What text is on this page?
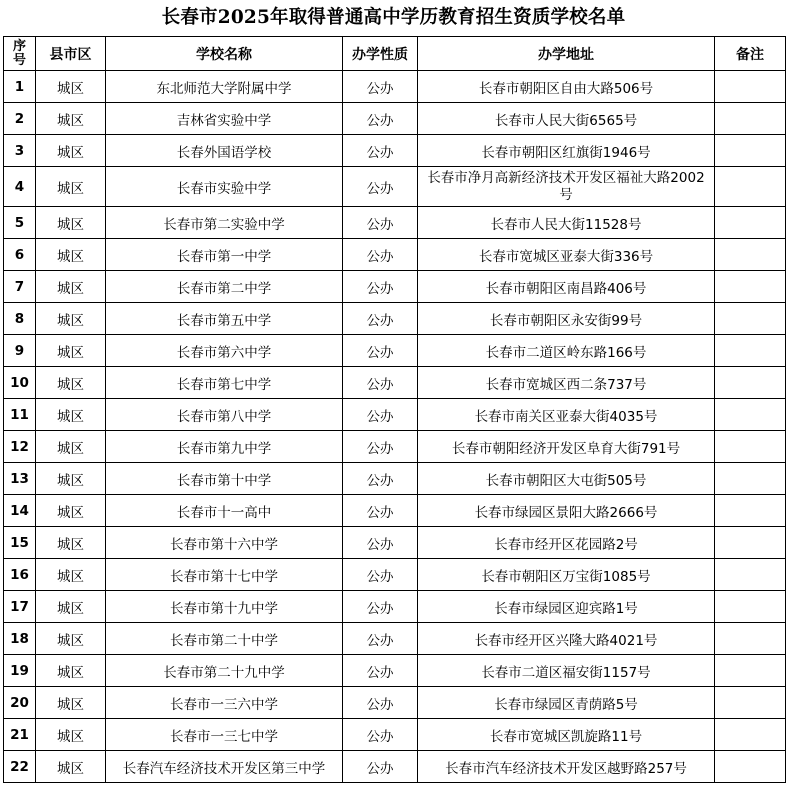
长春市2025年取得普通高中学历教育招生资质学校名单
序
号	县市区	学校名称	办学性质	办学地址	备注
1	城区	东北师范大学附属中学	公办	长春市朝阳区自由大路506号	
2	城区	吉林省实验中学	公办	长春市人民大街6565号	
3	城区	长春外国语学校	公办	长春市朝阳区红旗街1946号	
4	城区	长春市实验中学	公办	长春市净月高新经济技术开发区福祉大路2002号	
5	城区	长春市第二实验中学	公办	长春市人民大街11528号	
6	城区	长春市第一中学	公办	长春市宽城区亚泰大街336号	
7	城区	长春市第二中学	公办	长春市朝阳区南昌路406号	
8	城区	长春市第五中学	公办	长春市朝阳区永安街99号	
9	城区	长春市第六中学	公办	长春市二道区岭东路166号	
10	城区	长春市第七中学	公办	长春市宽城区西二条737号	
11	城区	长春市第八中学	公办	长春市南关区亚泰大街4035号	
12	城区	长春市第九中学	公办	长春市朝阳经济开发区阜育大街791号	
13	城区	长春市第十中学	公办	长春市朝阳区大屯街505号	
14	城区	长春市十一高中	公办	长春市绿园区景阳大路2666号	
15	城区	长春市第十六中学	公办	长春市经开区花园路2号	
16	城区	长春市第十七中学	公办	长春市朝阳区万宝街1085号	
17	城区	长春市第十九中学	公办	长春市绿园区迎宾路1号	
18	城区	长春市第二十中学	公办	长春市经开区兴隆大路4021号	
19	城区	长春市第二十九中学	公办	长春市二道区福安街1157号	
20	城区	长春市一三六中学	公办	长春市绿园区青荫路5号	
21	城区	长春市一三七中学	公办	长春市宽城区凯旋路11号	
22	城区	长春汽车经济技术开发区第三中学	公办	长春市汽车经济技术开发区越野路257号	
